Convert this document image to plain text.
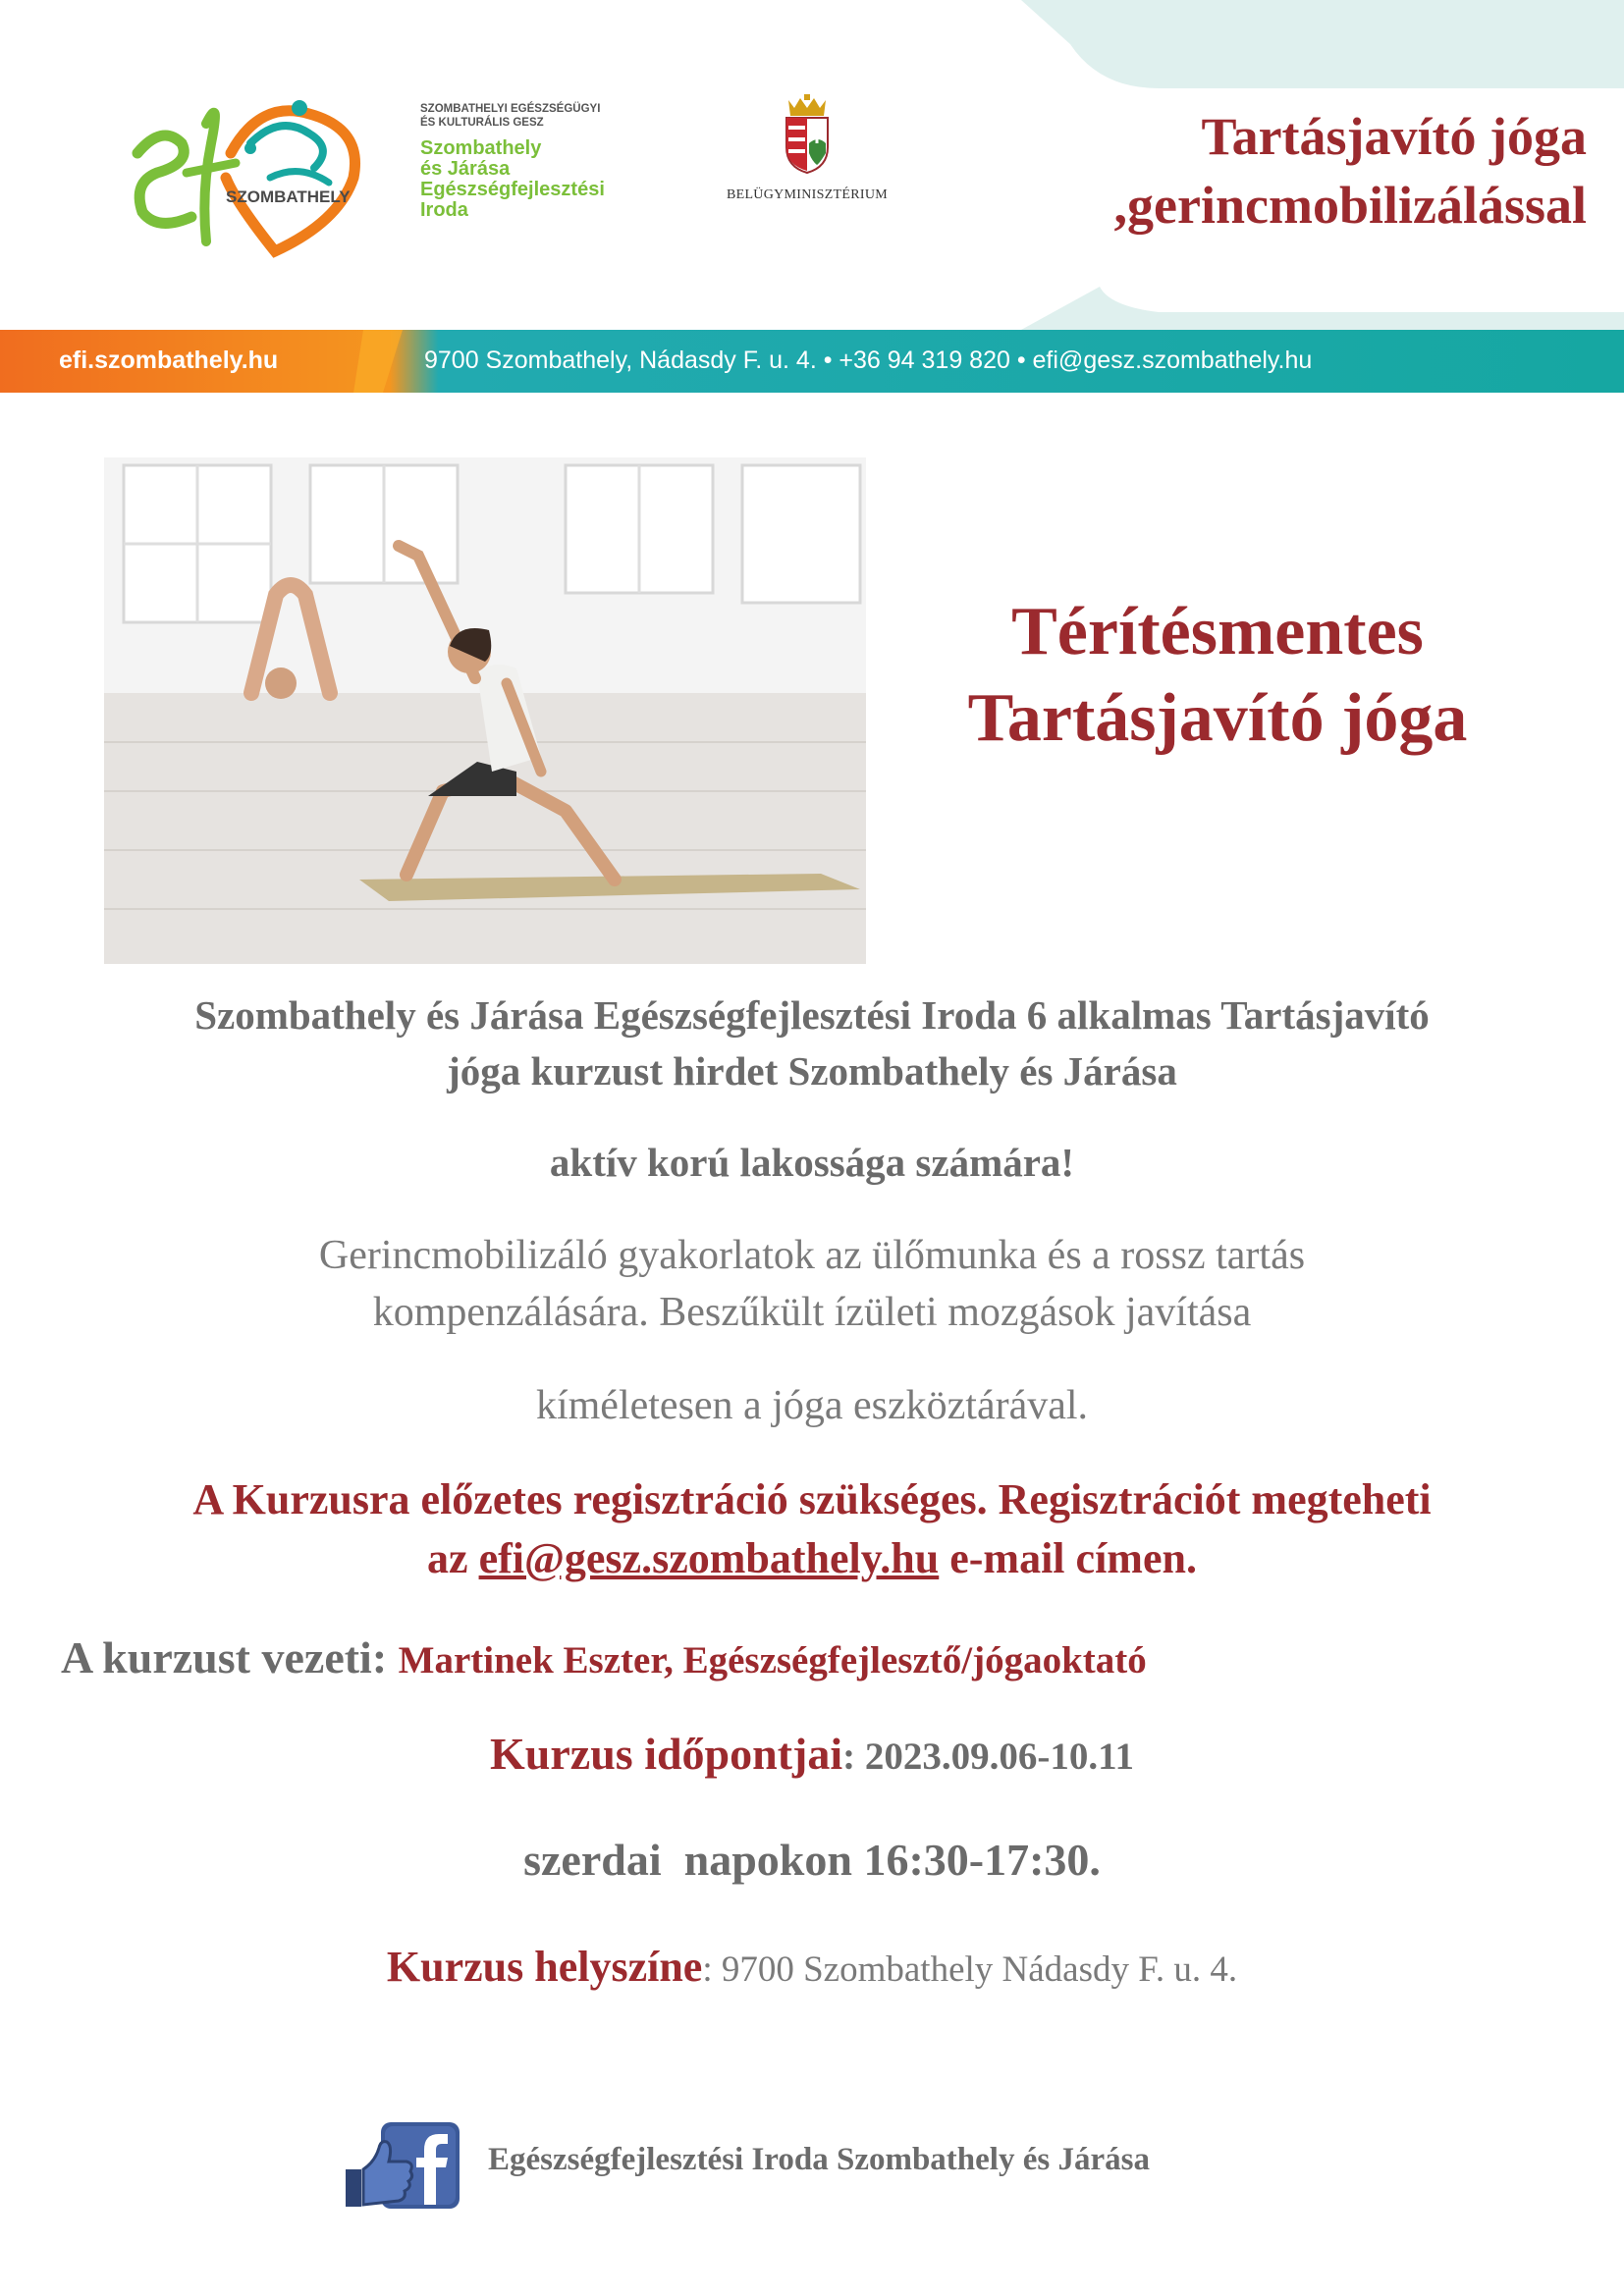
SZOMBATHELY
SZOMBATHELYI EGÉSZSÉGÜGYI
ÉS KULTURÁLIS GESZ
Szombathely
és Járása
Egészségfejlesztési
Iroda
BELÜGYMINISZTÉRIUM
Tartásjavító jóga
,gerincmobilizálással
efi.szombathely.hu	9700 Szombathely, Nádasdy F. u. 4. • +36 94 319 820 • efi@gesz.szombathely.hu
Térítésmentes
Tartásjavító jóga
Szombathely és Járása Egészségfejlesztési Iroda 6 alkalmas Tartásjavító
jóga kurzust hirdet Szombathely és Járása
aktív korú lakossága számára!
Gerincmobilizáló gyakorlatok az ülőmunka és a rossz tartás
kompenzálására. Beszűkült ízületi mozgások javítása
kíméletesen a jóga eszköztárával.
A Kurzusra előzetes regisztráció szükséges. Regisztrációt megteheti
az efi@gesz.szombathely.hu e-mail címen.
A kurzust vezeti: Martinek Eszter, Egészségfejlesztő/jógaoktató
Kurzus időpontjai: 2023.09.06-10.11
szerdai  napokon 16:30-17:30.
Kurzus helyszíne: 9700 Szombathely Nádasdy F. u. 4.
Egészségfejlesztési Iroda Szombathely és Járása
